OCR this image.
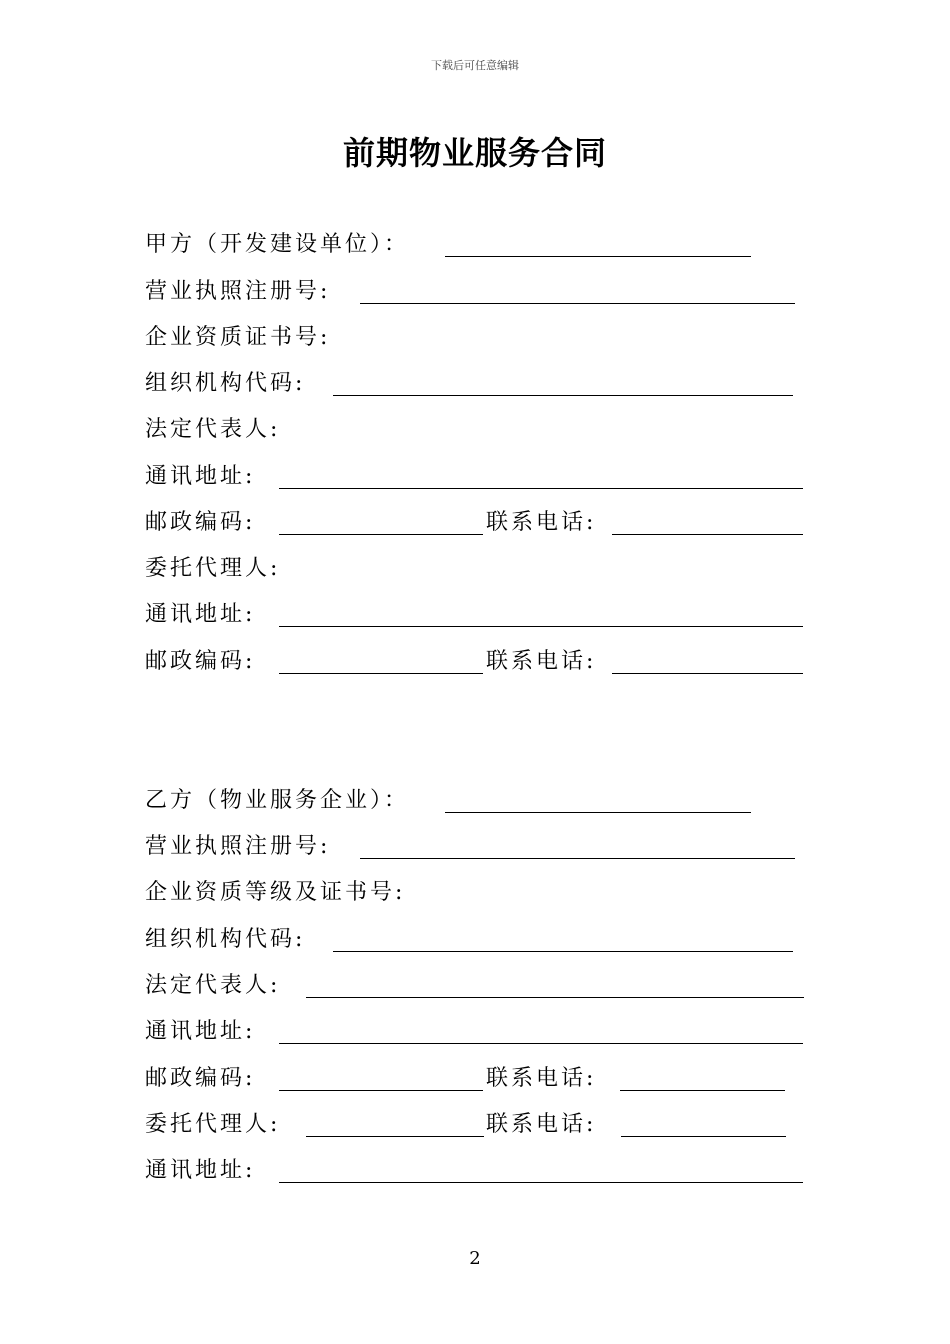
下载后可任意编辑
前期物业服务合同
甲方（开发建设单位）：
营业执照注册号:
企业资质证书号:
组织机构代码:
法定代表人:
通讯地址:
邮政编码:	联系电话:
委托代理人:
通讯地址:
邮政编码:	联系电话:
乙方（物业服务企业）：
营业执照注册号:
企业资质等级及证书号:
组织机构代码:
法定代表人:
通讯地址:
邮政编码:	联系电话:
委托代理人:	联系电话:
通讯地址:
2
